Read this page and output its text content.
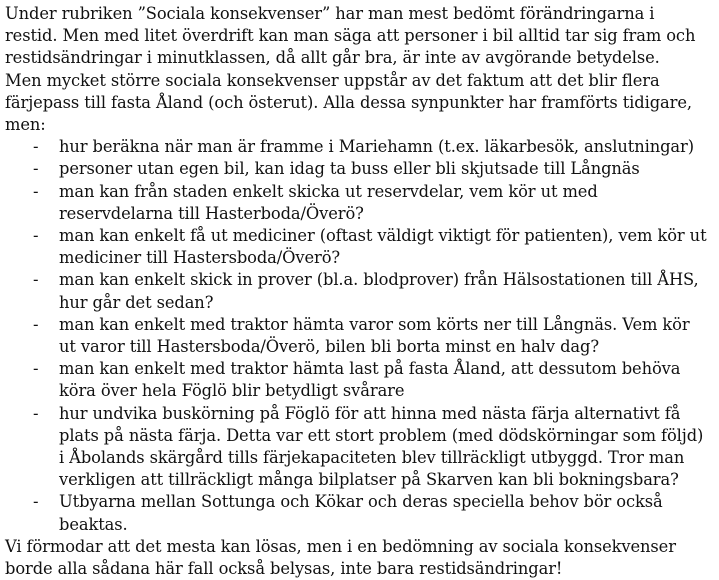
Under rubriken ”Sociala konsekvenser” har man mest bedömt förändringarna i restid. Men med litet överdrift kan man säga att personer i bil alltid tar sig fram och restidsändringar i minutklassen, då allt går bra, är inte av avgörande betydelse.

Men mycket större sociala konsekvenser uppstår av det faktum att det blir flera färjepass till fasta Åland (och österut). Alla dessa synpunkter har framförts tidigare, men:

- hur beräkna när man är framme i Mariehamn (t.ex. läkarbesök, anslutningar)
- personer utan egen bil, kan idag ta buss eller bli skjutsade till Långnäs
- man kan från staden enkelt skicka ut reservdelar, vem kör ut med reservdelarna till Hasterboda/Överö?
- man kan enkelt få ut mediciner (oftast väldigt viktigt för patienten), vem kör ut mediciner till Hastersboda/Överö?
- man kan enkelt skick in prover (bl.a. blodprover) från Hälsostationen till ÅHS, hur går det sedan?
- man kan enkelt med traktor hämta varor som körts ner till Långnäs. Vem kör ut varor till Hastersboda/Överö, bilen bli borta minst en halv dag?
- man kan enkelt med traktor hämta last på fasta Åland, att dessutom behöva köra över hela Föglö blir betydligt svårare
- hur undvika buskörning på Föglö för att hinna med nästa färja alternativt få plats på nästa färja. Detta var ett stort problem (med dödskörningar som följd) i Åbolands skärgård tills färjekapaciteten blev tillräckligt utbyggd. Tror man verkligen att tillräckligt många bilplatser på Skarven kan bli bokningsbara?
- Utbyarna mellan Sottunga och Kökar och deras speciella behov bör också beaktas.

Vi förmodar att det mesta kan lösas, men i en bedömning av sociala konsekvenser borde alla sådana här fall också belysas, inte bara restidsändringar!
